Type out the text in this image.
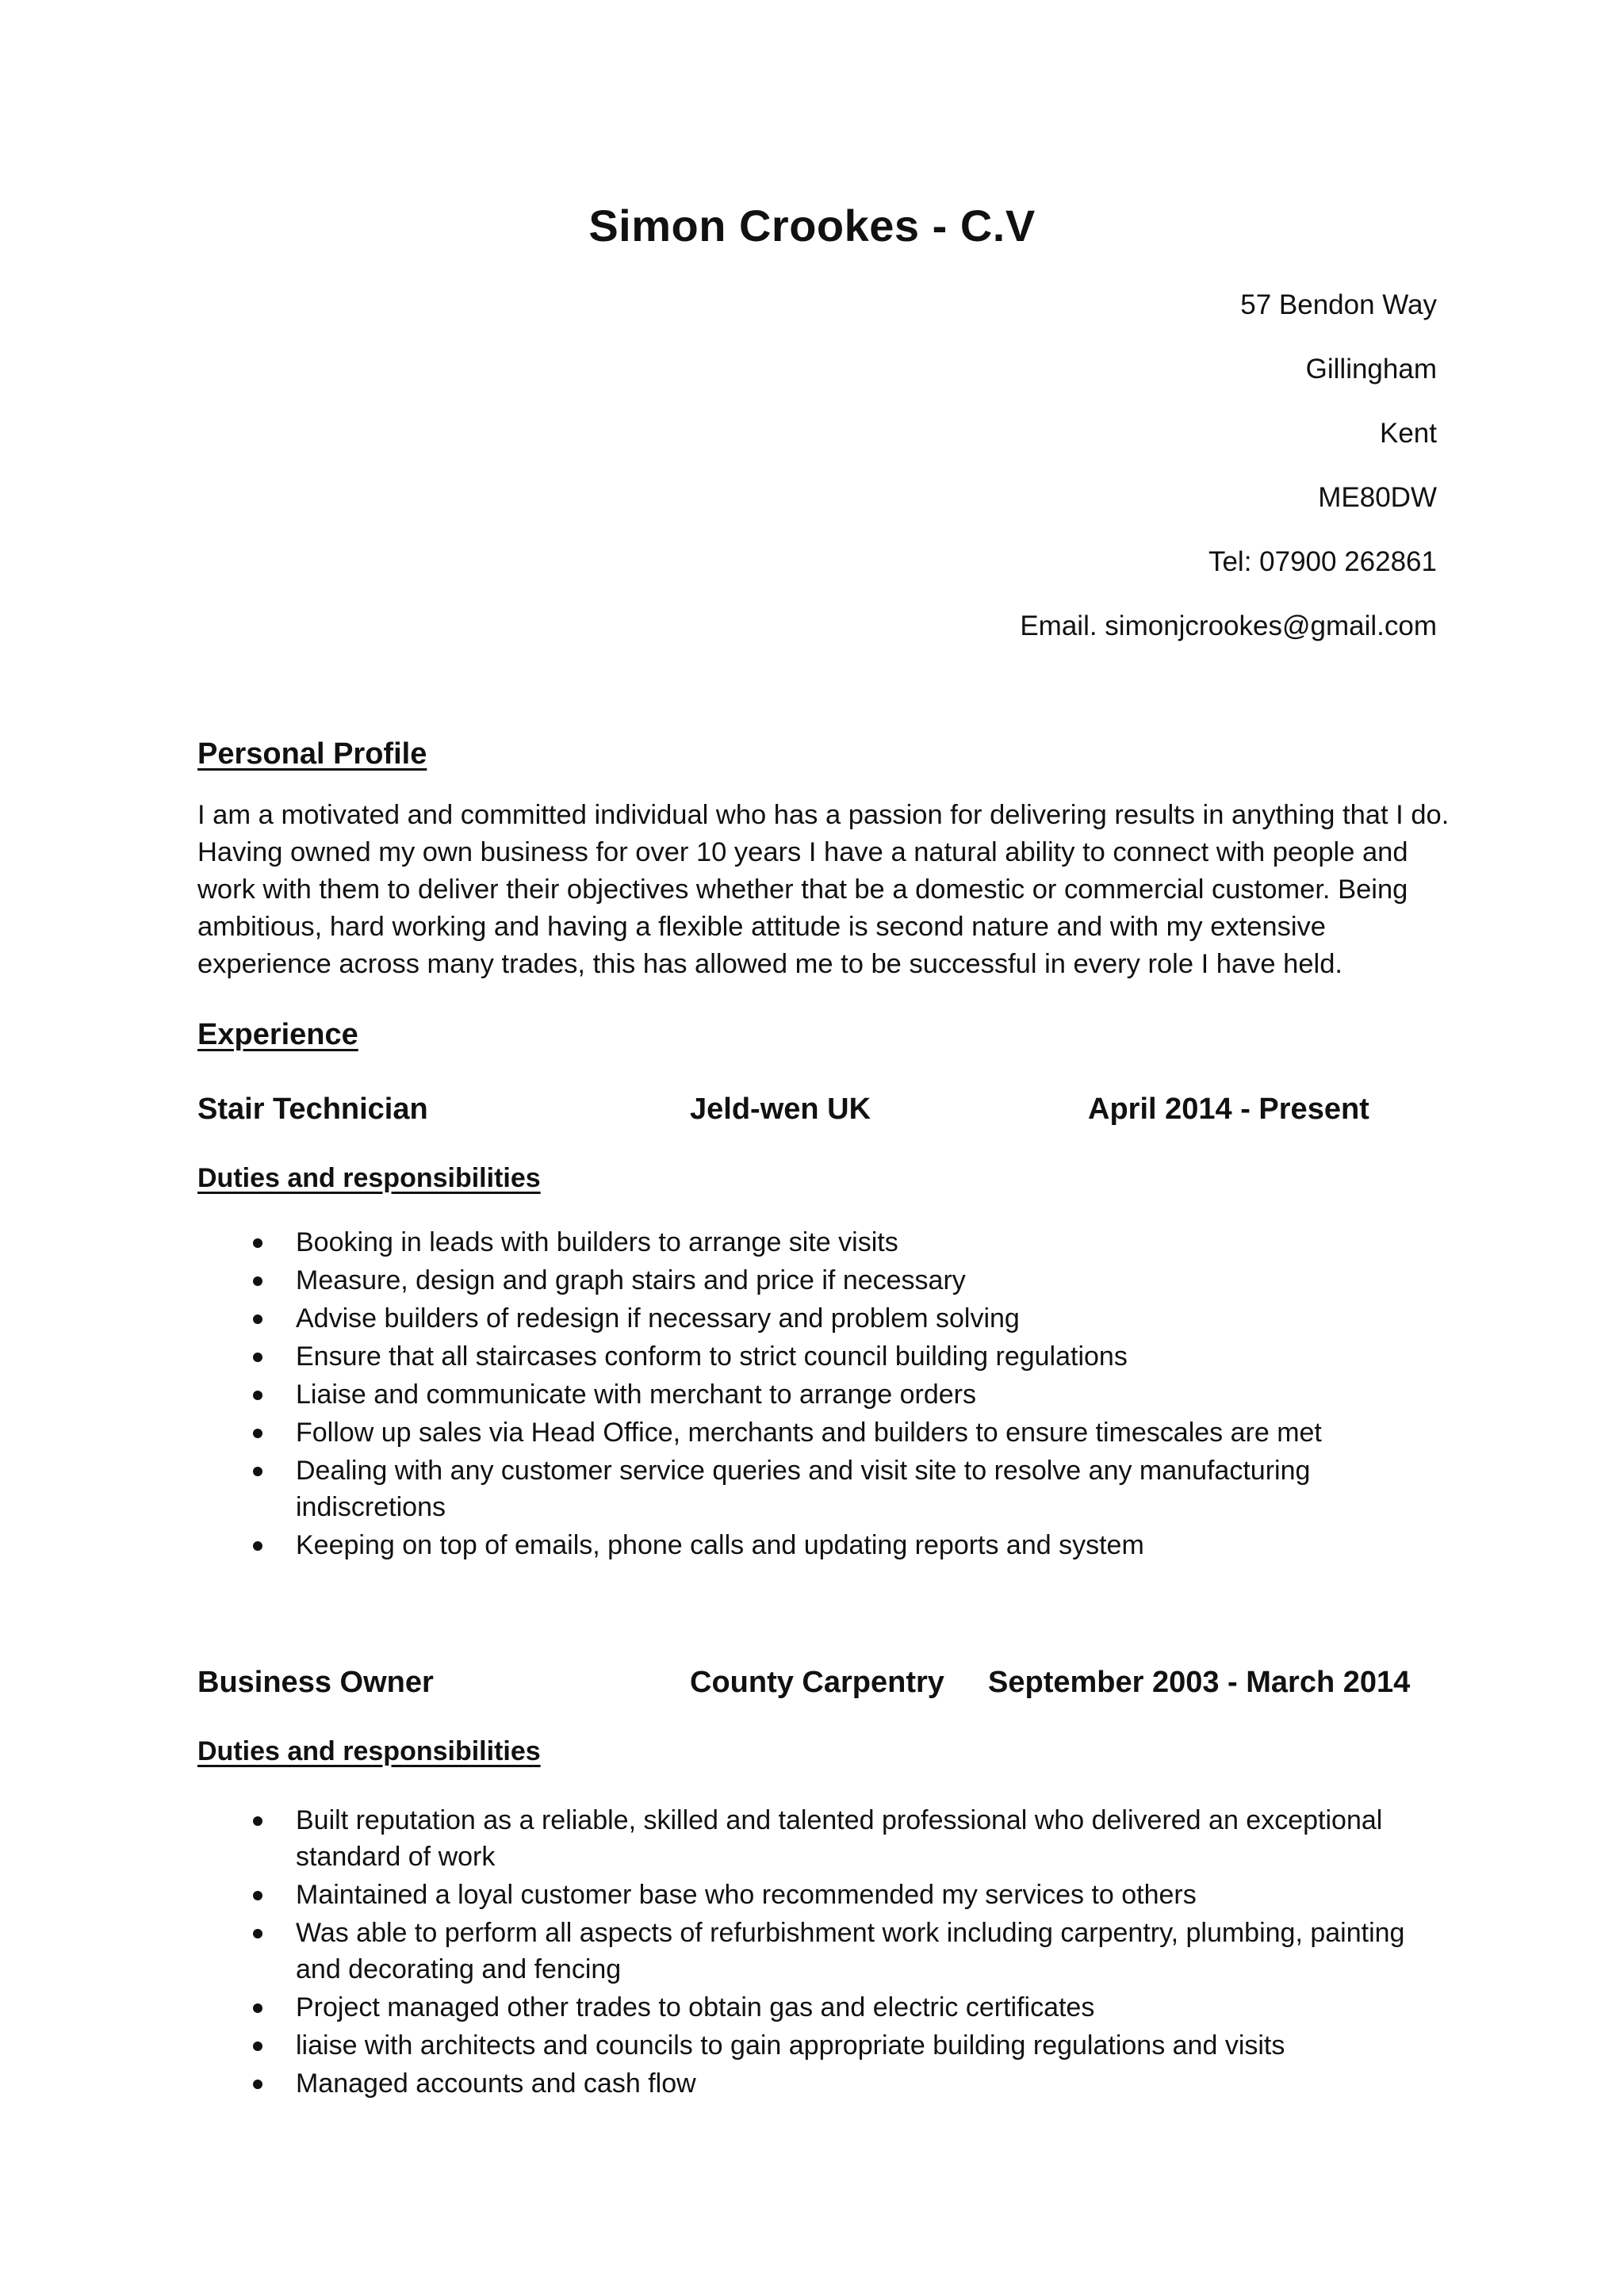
Simon Crookes - C.V
57 Bendon Way
Gillingham
Kent
ME80DW
Tel: 07900 262861
Email. simonjcrookes@gmail.com
Personal Profile
I am a motivated and committed individual who has a passion for delivering results in anything that I do. Having owned my own business for over 10 years I have a natural ability to connect with people and work with them to deliver their objectives whether that be a domestic or commercial customer. Being ambitious, hard working and having a flexible attitude is second nature and with my extensive experience across many trades, this has allowed me to be successful in every role I have held.
Experience
Stair Technician	Jeld-wen UK	April 2014 - Present
Duties and responsibilities
Booking in leads with builders to arrange site visits
Measure, design and graph stairs and price if necessary
Advise builders of redesign if necessary and problem solving
Ensure that all staircases conform to strict council building regulations
Liaise and communicate with merchant to arrange orders
Follow up sales via Head Office, merchants and builders to ensure timescales are met
Dealing with any customer service queries and visit site to resolve any manufacturing indiscretions
Keeping on top of emails, phone calls and updating reports and system
Business Owner	County Carpentry September 2003 - March 2014
Duties and responsibilities
Built reputation as a reliable, skilled and talented professional who delivered an exceptional standard of work
Maintained a loyal customer base who recommended my services to others
Was able to perform all aspects of refurbishment work including carpentry, plumbing, painting and decorating and fencing
Project managed other trades to obtain gas and electric certificates
liaise with architects and councils to gain appropriate building regulations and visits
Managed accounts and cash flow
